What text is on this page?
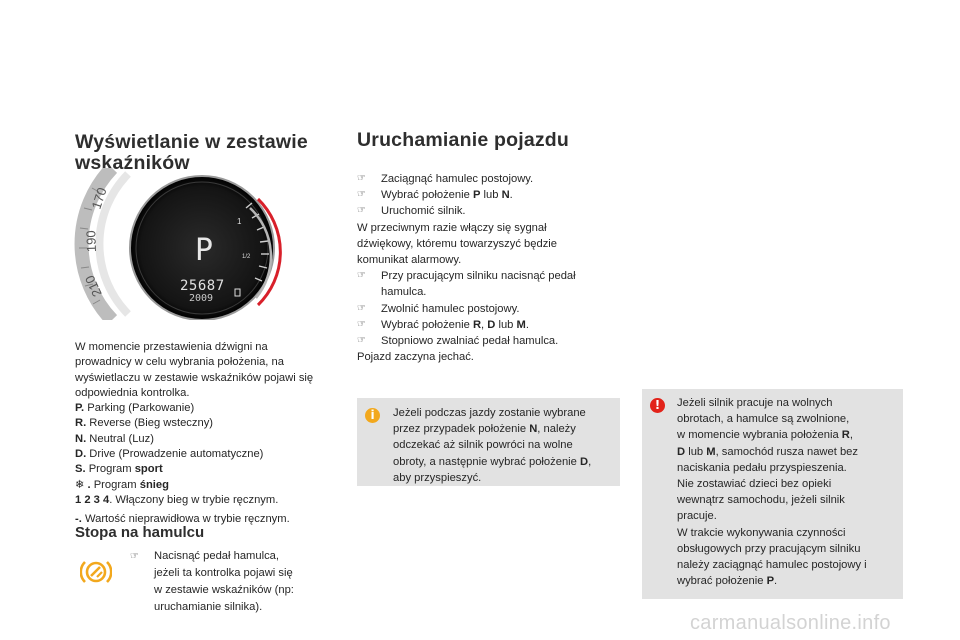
Wyświetlanie w zestawie
wskaźników
170
190
210
1
1/2
P
25687
2009

W momencie przestawienia dźwigni na prowadnicy w celu wybrania położenia, na wyświetlaczu w zestawie wskaźników pojawi się odpowiednia kontrolka.

P. Parking (Parkowanie)

R. Reverse (Bieg wsteczny)

N. Neutral (Luz)

D. Drive (Prowadzenie automatyczne)

S. Program sport

❄ . Program śnieg

1 2 3 4. Włączony bieg w trybie ręcznym.

-. Wartość nieprawidłowa w trybie ręcznym.

Stopa na hamulcu
☞ Nacisnąć pedał hamulca,
jeżeli ta kontrolka pojawi się
w zestawie wskaźników (np:
uruchamianie silnika).
Uruchamianie pojazdu
☞ Zaciągnąć hamulec postojowy.
☞ Wybrać położenie P lub N.
☞ Uruchomić silnik.
W przeciwnym razie włączy się sygnał
dźwiękowy, któremu towarzyszyć będzie
komunikat alarmowy.
☞ Przy pracującym silniku nacisnąć pedał
hamulca.
☞ Zwolnić hamulec postojowy.
☞ Wybrać położenie R, D lub M.
☞ Stopniowo zwalniać pedał hamulca.
Pojazd zaczyna jechać.
i	Jeżeli podczas jazdy zostanie wybrane
przez przypadek położenie N, należy
odczekać aż silnik powróci na wolne
obroty, a następnie wybrać położenie D,
aby przyspieszyć.
!	Jeżeli silnik pracuje na wolnych
obrotach, a hamulce są zwolnione,
w momencie wybrania położenia R,
D lub M, samochód rusza nawet bez
naciskania pedału przyspieszenia.
Nie zostawiać dzieci bez opieki
wewnątrz samochodu, jeżeli silnik
pracuje.
W trakcie wykonywania czynności
obsługowych przy pracującym silniku
należy zaciągnąć hamulec postojowy i
wybrać położenie P.
carmanualsonline.info
